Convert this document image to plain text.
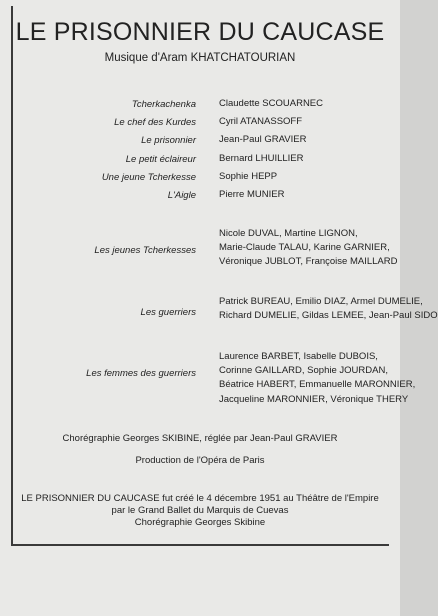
LE PRISONNIER DU CAUCASE
Musique d'Aram KHATCHATOURIAN
Tcherkachenka Claudette SCOUARNEC
Le chef des Kurdes Cyril ATANASSOFF
Le prisonnier Jean-Paul GRAVIER
Le petit éclaireur Bernard LHUILLIER
Une jeune Tcherkesse Sophie HEPP
L'Aigle Pierre MUNIER
Les jeunes Tcherkesses
Nicole DUVAL, Martine LIGNON,
Marie-Claude TALAU, Karine GARNIER,
Véronique JUBLOT, Françoise MAILLARD
Les guerriers
Patrick BUREAU, Emilio DIAZ, Armel DUMELIE,
Richard DUMELIE, Gildas LEMEE, Jean-Paul SIDO
Les femmes des guerriers
Laurence BARBET, Isabelle DUBOIS,
Corinne GAILLARD, Sophie JOURDAN,
Béatrice HABERT, Emmanuelle MARONNIER,
Jacqueline MARONNIER, Véronique THERY
Chorégraphie Georges SKIBINE, réglée par Jean-Paul GRAVIER
Production de l'Opéra de Paris
LE PRISONNIER DU CAUCASE fut créé le 4 décembre 1951 au Théâtre de l'Empire
par le Grand Ballet du Marquis de Cuevas
Chorégraphie Georges Skibine
